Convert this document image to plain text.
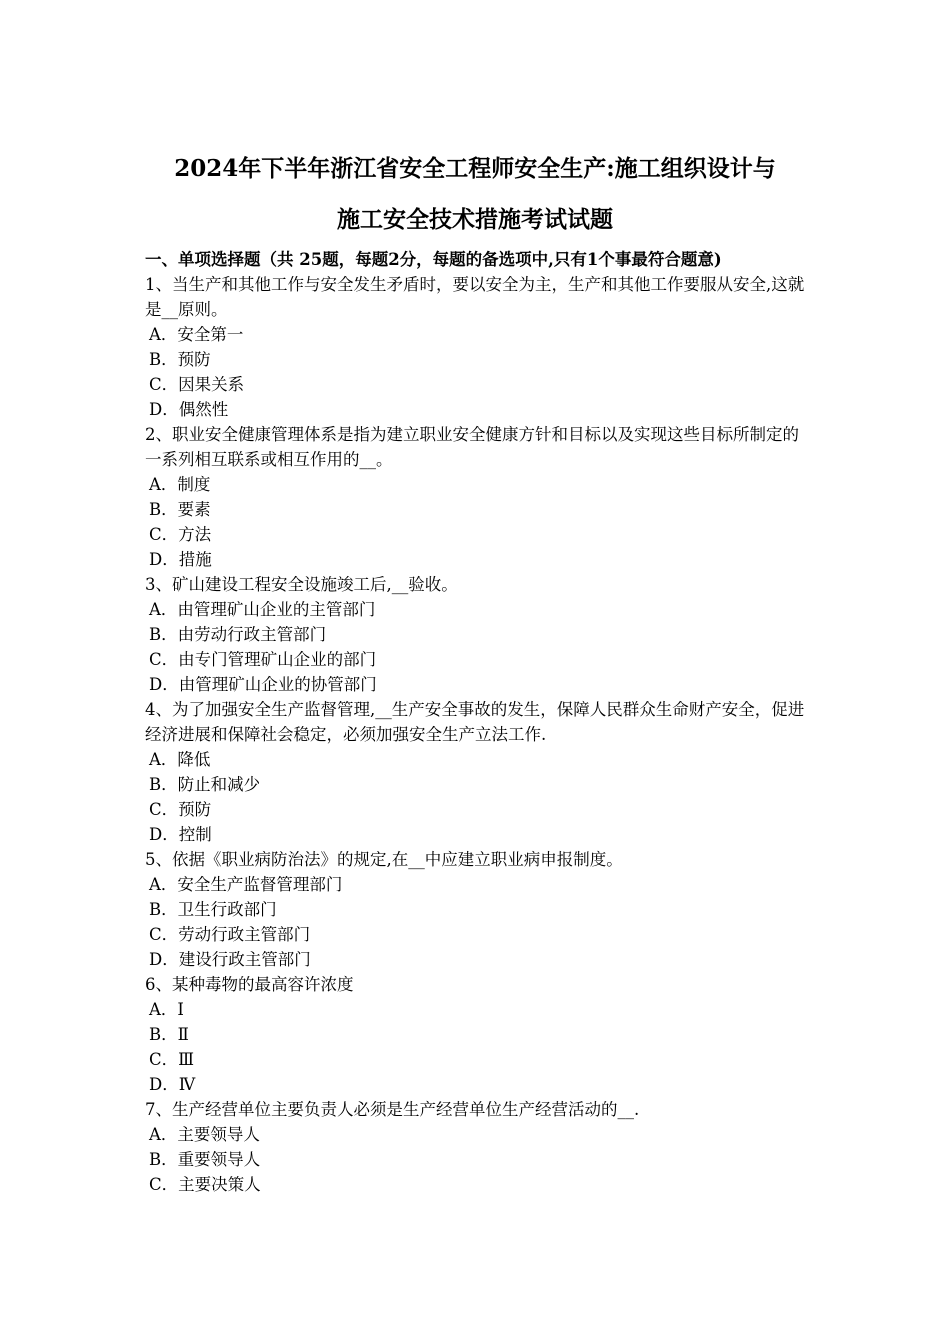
2024年下半年浙江省安全工程师安全生产:施工组织设计与
施工安全技术措施考试试题

一、单项选择题（共 25题，每题2分，每题的备选项中,只有1个事最符合题意)

1、当生产和其他工作与安全发生矛盾时，要以安全为主，生产和其他工作要服从安全,这就是__原则。

A．安全第一
B．预防
C．因果关系
D．偶然性

2、职业安全健康管理体系是指为建立职业安全健康方针和目标以及实现这些目标所制定的一系列相互联系或相互作用的__。

A．制度
B．要素
C．方法
D．措施

3、矿山建设工程安全设施竣工后,__验收。

A．由管理矿山企业的主管部门
B．由劳动行政主管部门
C．由专门管理矿山企业的部门
D．由管理矿山企业的协管部门

4、为了加强安全生产监督管理,__生产安全事故的发生，保障人民群众生命财产安全，促进经济进展和保障社会稳定，必须加强安全生产立法工作.

A．降低
B．防止和减少
C．预防
D．控制

5、依据《职业病防治法》的规定,在__中应建立职业病申报制度。

A．安全生产监督管理部门
B．卫生行政部门
C．劳动行政主管部门
D．建设行政主管部门

6、某种毒物的最高容许浓度

A．Ⅰ
B．Ⅱ
C．Ⅲ
D．Ⅳ

7、生产经营单位主要负责人必须是生产经营单位生产经营活动的__.

A．主要领导人
B．重要领导人
C．主要决策人
